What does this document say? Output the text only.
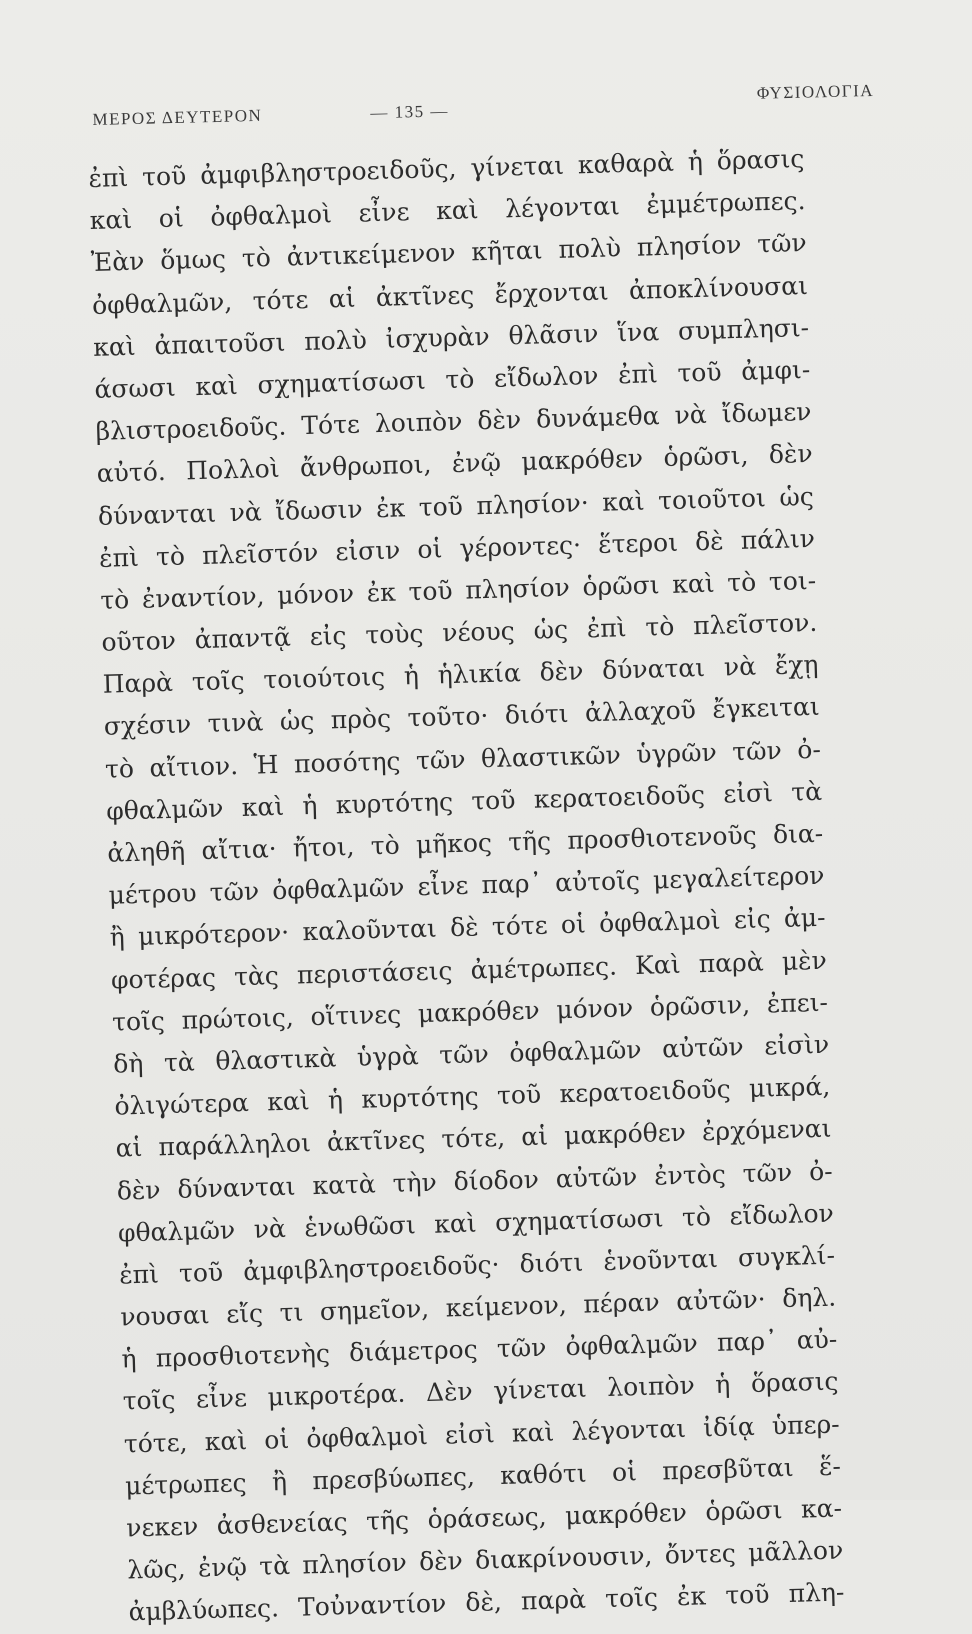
ΜΕΡΟΣ ΔΕΥΤΕΡΟΝ	— 135 —
ΦΥΣΙΟΛΟΓΙΑ
ἐπὶ τοῦ ἀμφιβληστροειδοῦς, γίνεται καθαρὰ ἡ ὅρασις
καὶ οἱ ὀφθαλμοὶ εἶνε καὶ λέγονται ἐμμέτρωπες.
Ἐὰν ὅμως τὸ ἀντικείμενον κῆται πολὺ πλησίον τῶν
ὀφθαλμῶν, τότε αἱ ἀκτῖνες ἔρχονται ἀποκλίνουσαι
καὶ ἀπαιτοῦσι πολὺ ἰσχυρὰν θλᾶσιν ἵνα συμπλησι-
άσωσι καὶ σχηματίσωσι τὸ εἴδωλον ἐπὶ τοῦ ἀμφι-
βλιστροειδοῦς. Τότε λοιπὸν δὲν δυνάμεθα νὰ ἴδωμεν
αὐτό. Πολλοὶ ἄνθρωποι, ἐνῷ μακρόθεν ὁρῶσι, δὲν
δύνανται νὰ ἴδωσιν ἐκ τοῦ πλησίον· καὶ τοιοῦτοι ὡς
ἐπὶ τὸ πλεῖστόν εἰσιν οἱ γέροντες· ἕτεροι δὲ πάλιν
τὸ ἐναντίον, μόνον ἐκ τοῦ πλησίον ὁρῶσι καὶ τὸ τοι-
οῦτον ἀπαντᾷ εἰς τοὺς νέους ὡς ἐπὶ τὸ πλεῖστον.
Παρὰ τοῖς τοιούτοις ἡ ἡλικία δὲν δύναται νὰ ἔχῃ
σχέσιν τινὰ ὡς πρὸς τοῦτο· διότι ἀλλαχοῦ ἔγκειται
τὸ αἴτιον. Ἡ ποσότης τῶν θλαστικῶν ὑγρῶν τῶν ὀ-
φθαλμῶν καὶ ἡ κυρτότης τοῦ κερατοειδοῦς εἰσὶ τὰ
ἀληθῆ αἴτια· ἤτοι, τὸ μῆκος τῆς προσθιοτενοῦς δια-
μέτρου τῶν ὀφθαλμῶν εἶνε παρ᾽ αὐτοῖς μεγαλείτερον
ἢ μικρότερον· καλοῦνται δὲ τότε οἱ ὀφθαλμοὶ εἰς ἀμ-
φοτέρας τὰς περιστάσεις ἀμέτρωπες. Καὶ παρὰ μὲν
τοῖς πρώτοις, οἵτινες μακρόθεν μόνον ὁρῶσιν, ἐπει-
δὴ τὰ θλαστικὰ ὑγρὰ τῶν ὀφθαλμῶν αὐτῶν εἰσὶν
ὀλιγώτερα καὶ ἡ κυρτότης τοῦ κερατοειδοῦς μικρά,
αἱ παράλληλοι ἀκτῖνες τότε, αἱ μακρόθεν ἐρχόμεναι
δὲν δύνανται κατὰ τὴν δίοδον αὐτῶν ἐντὸς τῶν ὀ-
φθαλμῶν νὰ ἑνωθῶσι καὶ σχηματίσωσι τὸ εἴδωλον
ἐπὶ τοῦ ἀμφιβληστροειδοῦς· διότι ἑνοῦνται συγκλί-
νουσαι εἴς τι σημεῖον, κείμενον, πέραν αὐτῶν· δηλ.
ἡ προσθιοτενὴς διάμετρος τῶν ὀφθαλμῶν παρ᾽ αὐ-
τοῖς εἶνε μικροτέρα. Δὲν γίνεται λοιπὸν ἡ ὅρασις
τότε, καὶ οἱ ὀφθαλμοὶ εἰσὶ καὶ λέγονται ἰδίᾳ ὑπερ-
μέτρωπες ἢ πρεσβύωπες, καθότι οἱ πρεσβῦται ἕ-
νεκεν ἀσθενείας τῆς ὁράσεως, μακρόθεν ὁρῶσι κα-
λῶς, ἐνῷ τὰ πλησίον δὲν διακρίνουσιν, ὄντες μᾶλλον
ἀμβλύωπες. Τοὐναντίον δὲ, παρὰ τοῖς ἐκ τοῦ πλη-
